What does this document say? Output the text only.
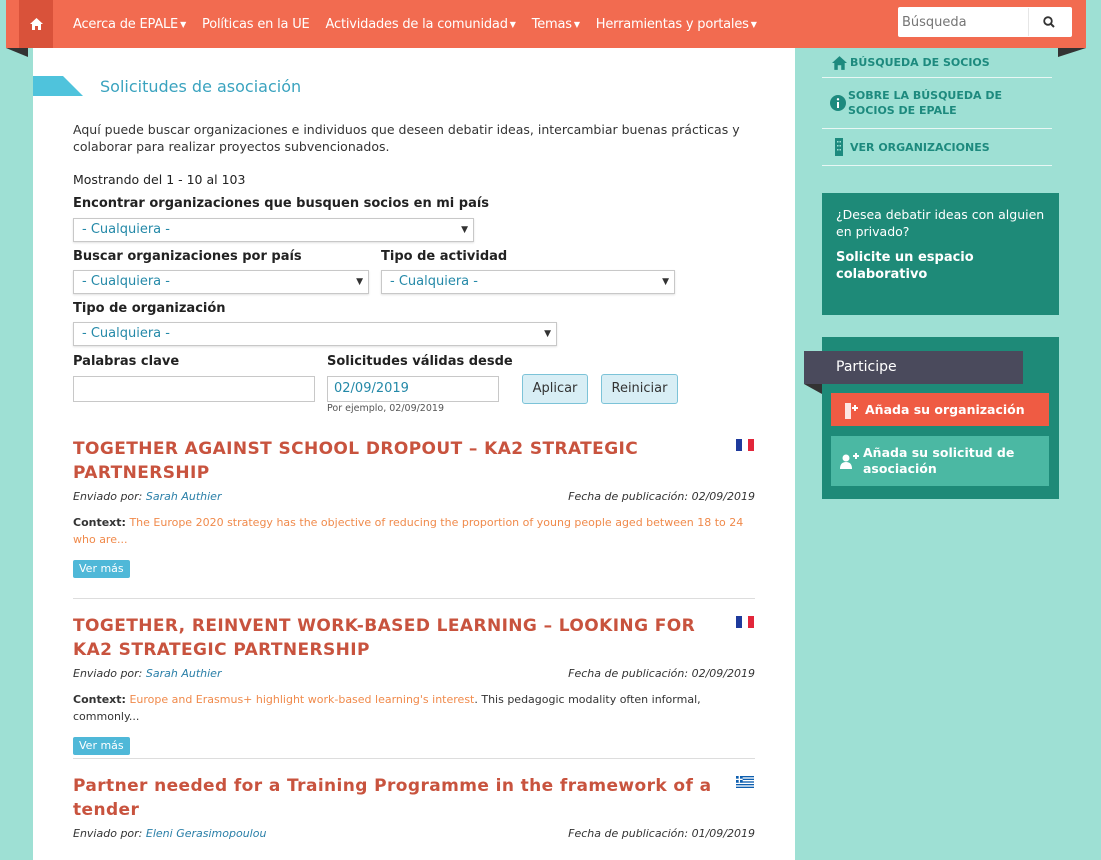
Acerca de EPALE ▼ Políticas en la UE Actividades de la comunidad ▼ Temas ▼ Herramientas y portales ▼
Búsqueda
Solicitudes de asociación
Aquí puede buscar organizaciones e individuos que deseen debatir ideas, intercambiar buenas prácticas y colaborar para realizar proyectos subvencionados.
Mostrando del 1 - 10 al 103
Encontrar organizaciones que busquen socios en mi país
- Cualquiera -	▼
Buscar organizaciones por país
- Cualquiera -	▼
Tipo de actividad
- Cualquiera -	▼
Tipo de organización
- Cualquiera -	▼
Palabras clave	Solicitudes válidas desde
02/09/2019
Por ejemplo, 02/09/2019
Aplicar	Reiniciar
TOGETHER AGAINST SCHOOL DROPOUT – KA2 STRATEGIC PARTNERSHIP
Enviado por: Sarah Authier	Fecha de publicación: 02/09/2019
Context: The Europe 2020 strategy has the objective of reducing the proportion of young people aged between 18 to 24 who are...
Ver más
TOGETHER, REINVENT WORK-BASED LEARNING – LOOKING FOR KA2 STRATEGIC PARTNERSHIP
Enviado por: Sarah Authier	Fecha de publicación: 02/09/2019
Context: Europe and Erasmus+ highlight work-based learning's interest. This pedagogic modality often informal, commonly...
Ver más
Partner needed for a Training Programme in the framework of a tender
Enviado por: Eleni Gerasimopoulou	Fecha de publicación: 01/09/2019
BÚSQUEDA DE SOCIOS
SOBRE LA BÚSQUEDA DE SOCIOS DE EPALE
VER ORGANIZACIONES
¿Desea debatir ideas con alguien en privado?
Solicite un espacio colaborativo
Participe
Añada su organización
Añada su solicitud de asociación
